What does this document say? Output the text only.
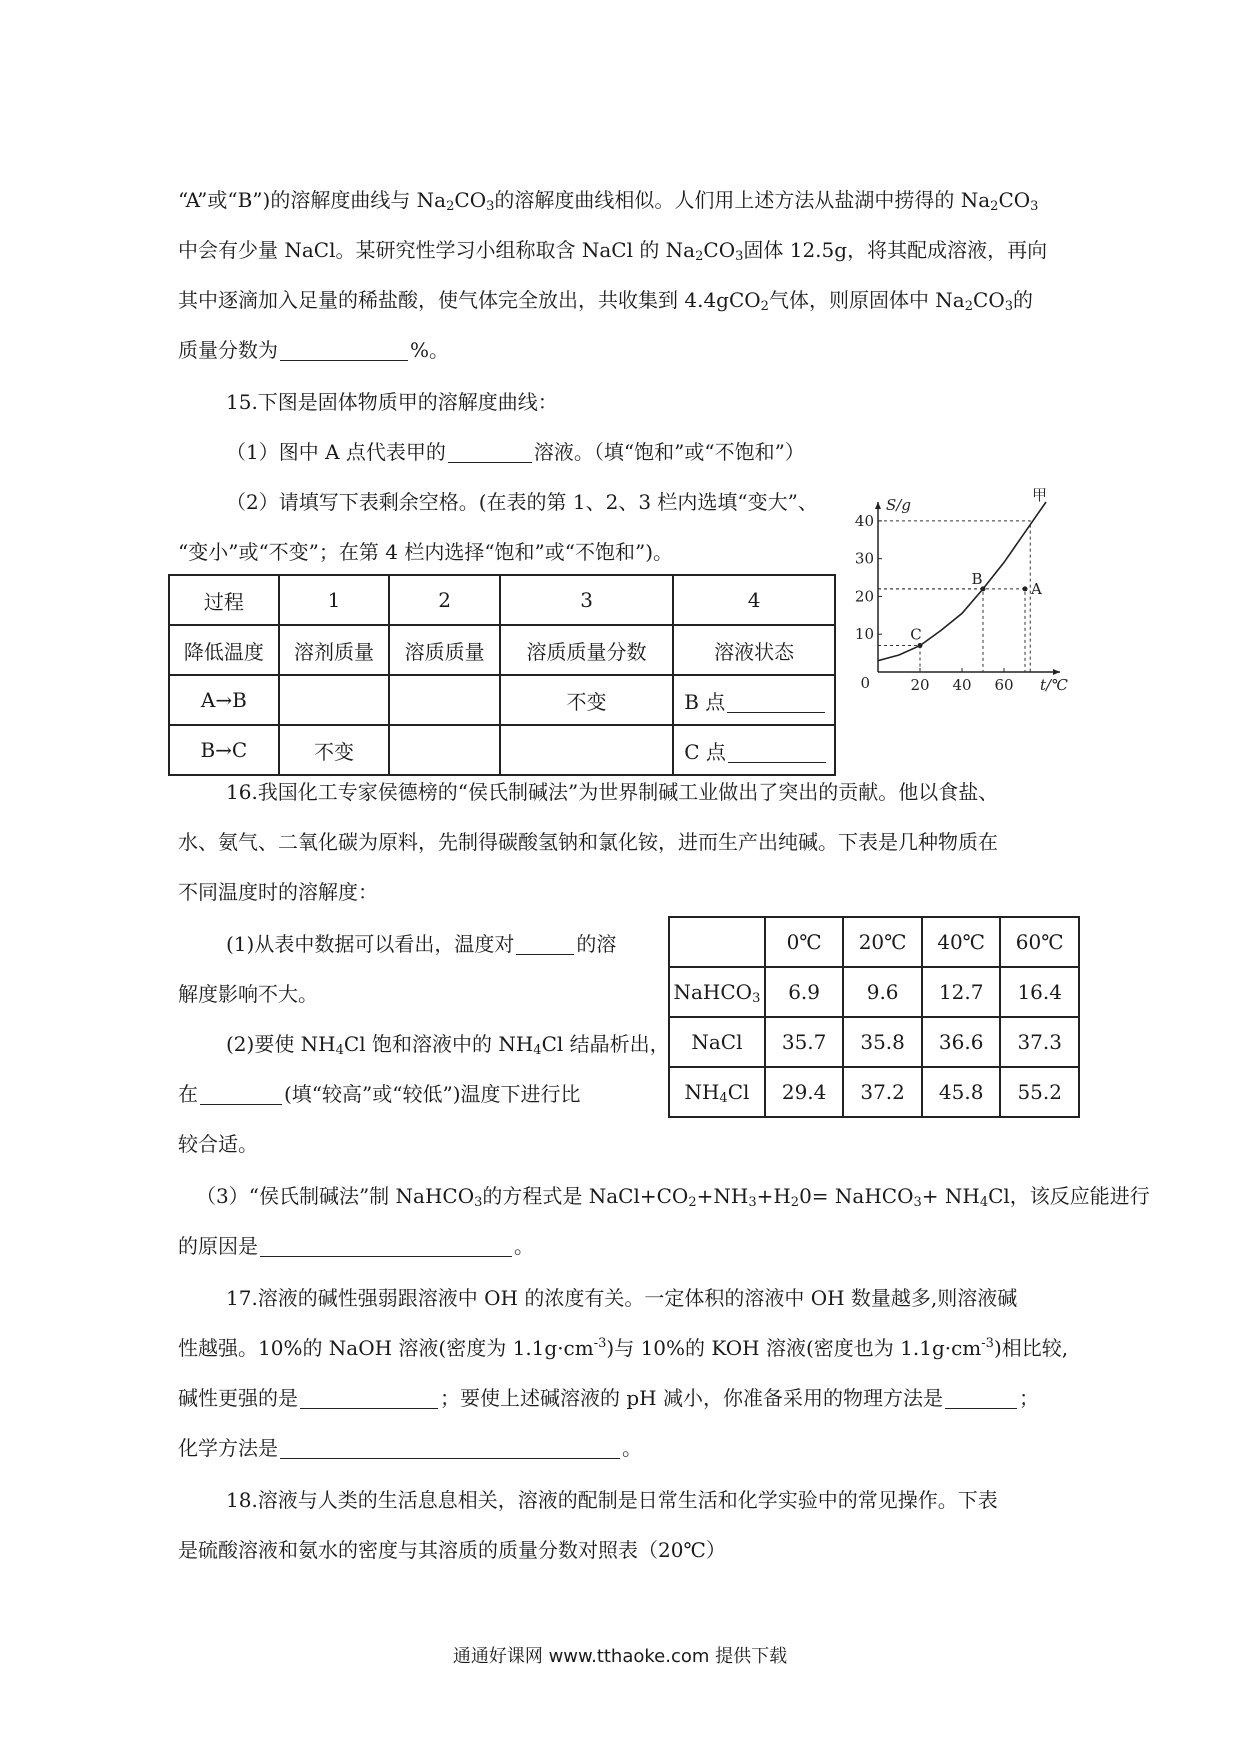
“A”或“B”)的溶解度曲线与 $Na_2CO_3$的溶解度曲线相似。人们用上述方法从盐湖中捞得的 $Na_2CO_3$
中会有少量 NaCl。某研究性学习小组称取含 NaCl 的 $Na_2CO_3$固体 12.5g，将其配成溶液，再向
其中逐滴加入足量的稀盐酸，使气体完全放出，共收集到 4.4gCO$_2$气体，则原固体中 $Na_2CO_3$的
质量分数为	%。
15.下图是固体物质甲的溶解度曲线：
（1）图中 A 点代表甲的	溶液。（填“饱和”或“不饱和”）
（2）请填写下表剩余空格。(在表的第 1、2、3 栏内选填“变大”、
“变小”或“不变”；在第 4 栏内选择“饱和”或“不饱和”)。
过程	1	2	3	4
降低温度	溶剂质量	溶质质量	溶质质量分数	溶液状态
A→B			不变	B 点
B→C	不变			C 点
20 40 60
10
20
30
40
0
S/g
t/℃
甲
A
B
C
16.我国化工专家侯德榜的“侯氏制碱法”为世界制碱工业做出了突出的贡献。他以食盐、
水、氨气、二氧化碳为原料，先制得碳酸氢钠和氯化铵，进而生产出纯碱。下表是几种物质在
不同温度时的溶解度：
(1)从表中数据可以看出，温度对	的溶
解度影响不大。
(2)要使 $NH_4Cl$ 饱和溶液中的 $NH_4Cl$ 结晶析出，
在	(填“较高”或“较低”)温度下进行比
较合适。
	0℃	20℃	40℃	60℃
NaHCO$_3$	6.9	9.6	12.7	16.4
NaCl	35.7	35.8	36.6	37.3
$NH_4Cl$	29.4	37.2	45.8	55.2
（3）“侯氏制碱法”制 NaHCO$_3$的方程式是 $NaCl+CO_2+NH_3+H_20=$ NaHCO$_3$+ $NH_4Cl$，该反应能进行
的原因是	。
17.溶液的碱性强弱跟溶液中 OH 的浓度有关。一定体积的溶液中 OH 数量越多,则溶液碱
性越强。10%的 NaOH 溶液(密度为 $1.1g\cdot cm^{-3}$)与 10%的 KOH 溶液(密度也为 $1.1g\cdot cm^{-3}$)相比较,
碱性更强的是	；要使上述碱溶液的 pH 减小，你准备采用的物理方法是	；
化学方法是	。
18.溶液与人类的生活息息相关，溶液的配制是日常生活和化学实验中的常见操作。下表
是硫酸溶液和氨水的密度与其溶质的质量分数对照表（20℃）
通通好课网 www.tthaoke.com 提供下载
